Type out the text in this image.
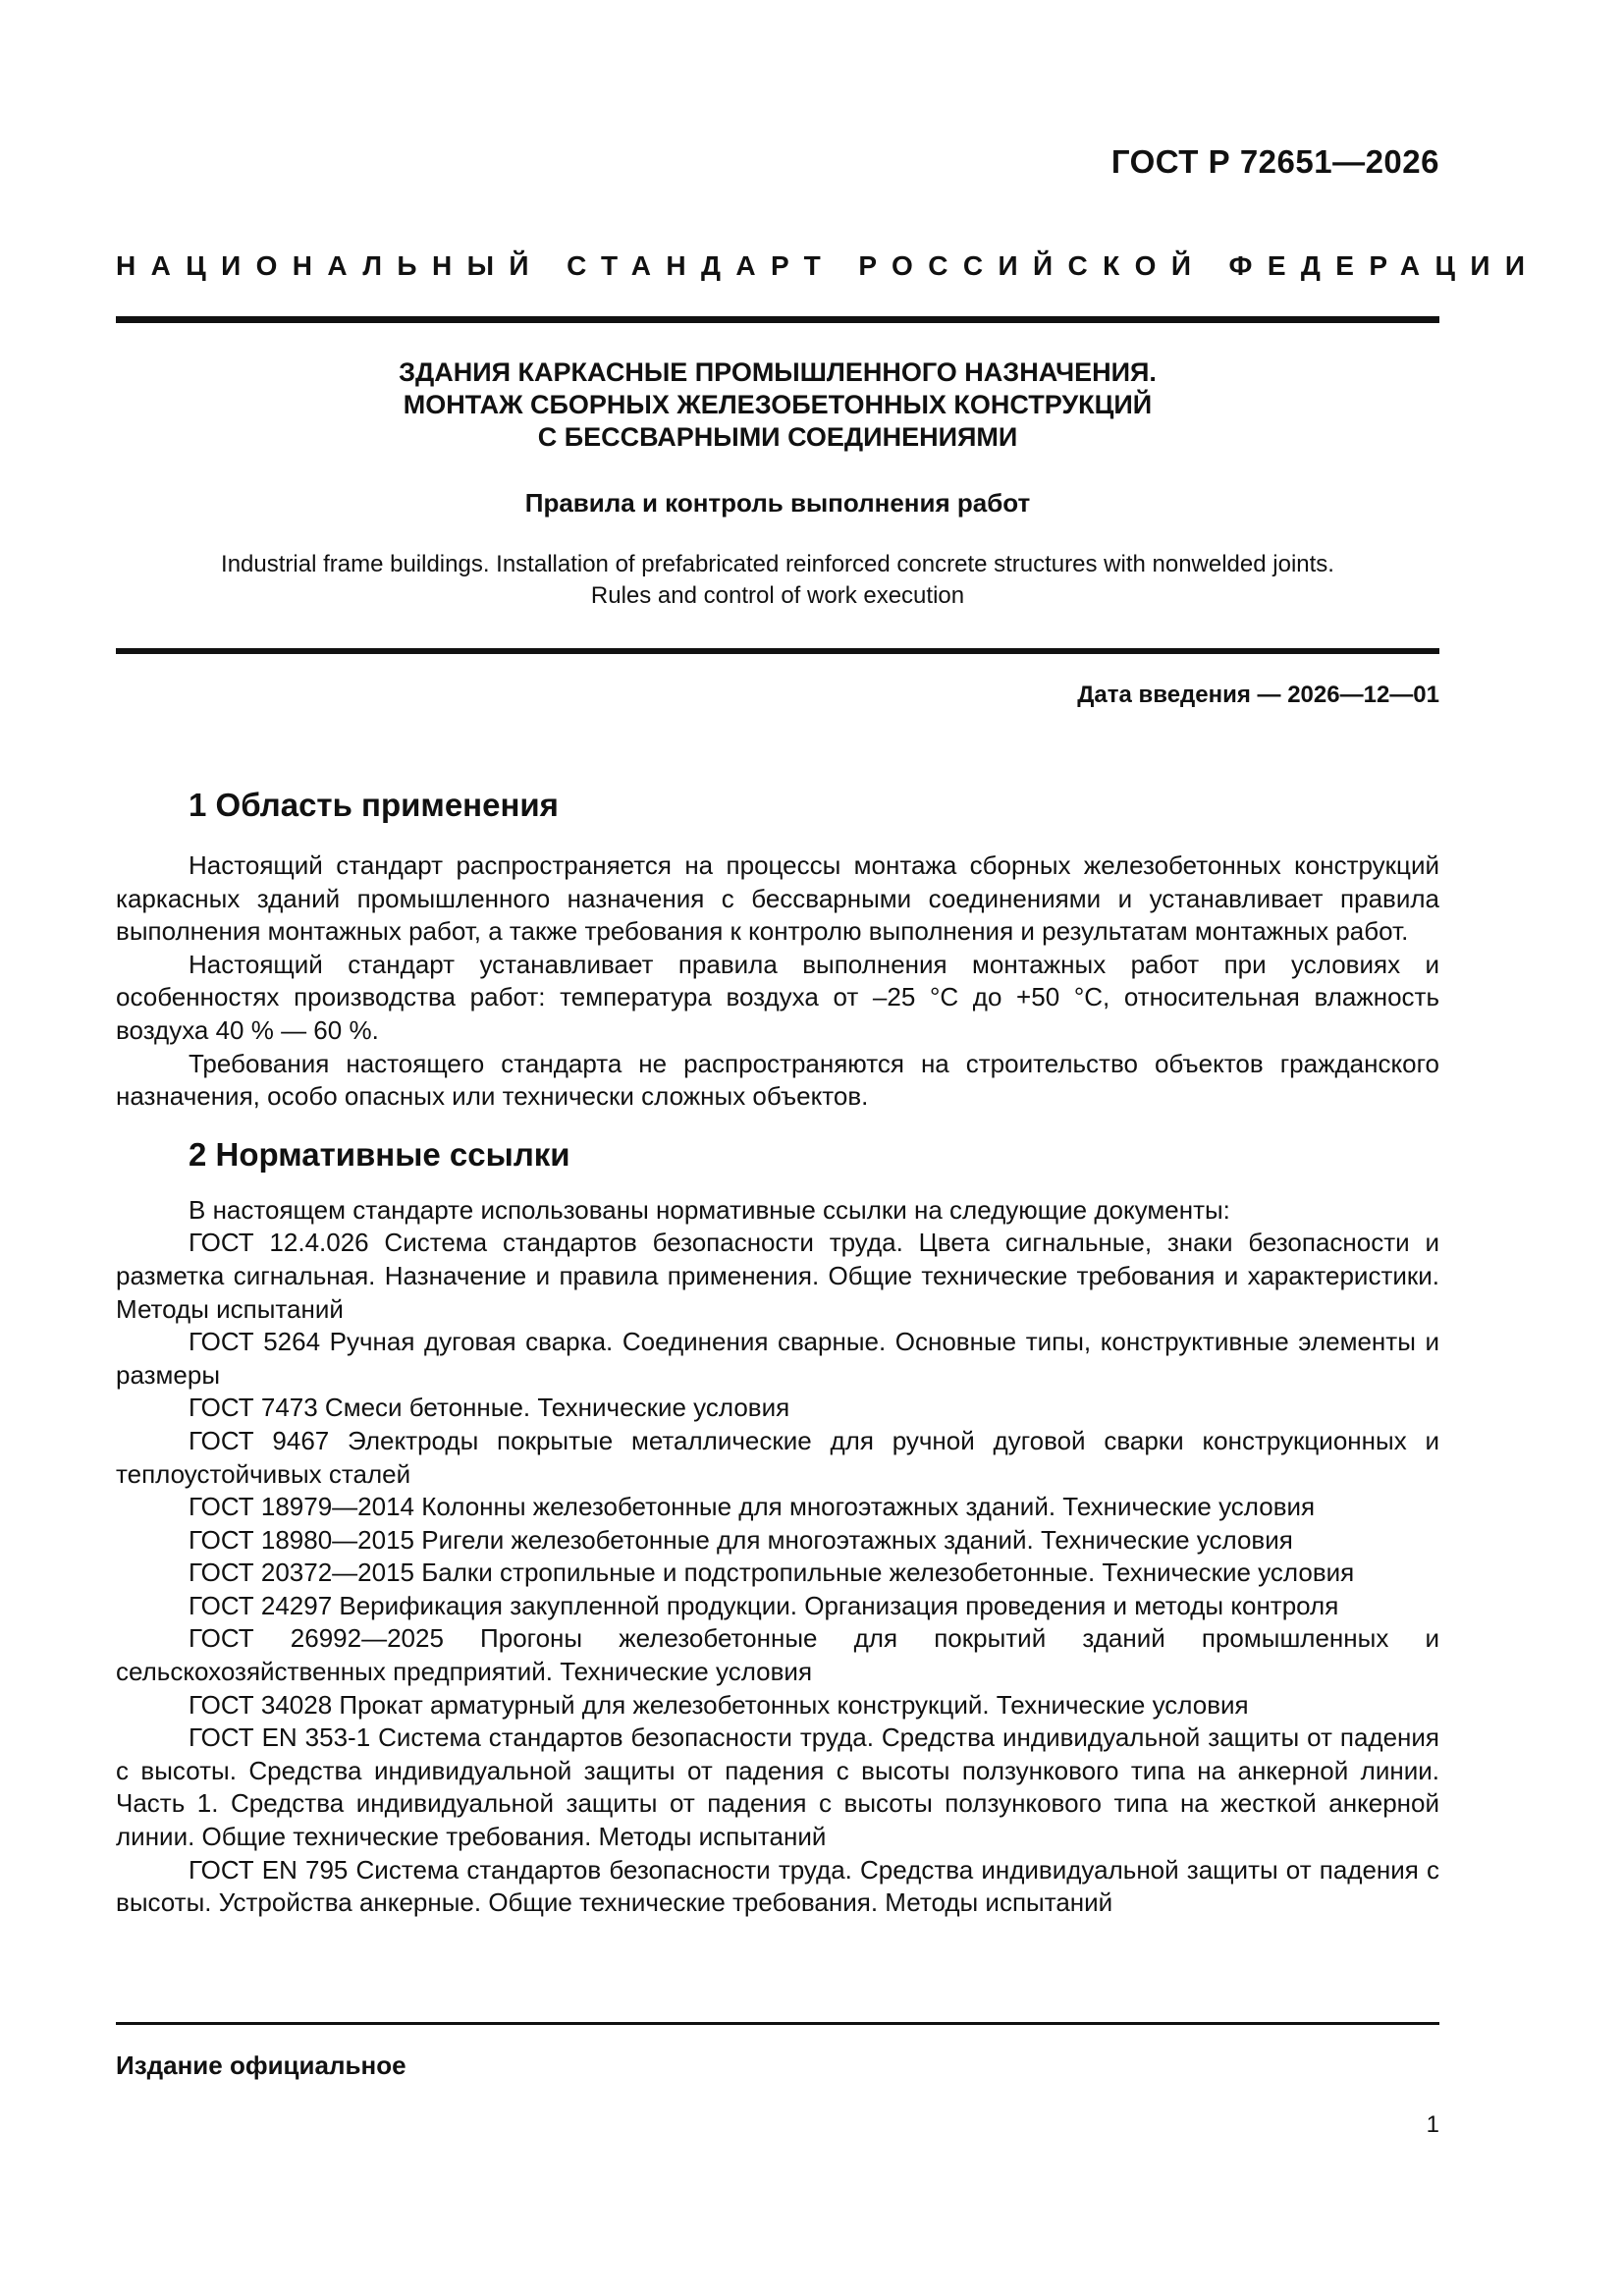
ГОСТ Р 72651—2026
НАЦИОНАЛЬНЫЙ СТАНДАРТ РОССИЙСКОЙ ФЕДЕРАЦИИ
ЗДАНИЯ КАРКАСНЫЕ ПРОМЫШЛЕННОГО НАЗНАЧЕНИЯ.
МОНТАЖ СБОРНЫХ ЖЕЛЕЗОБЕТОННЫХ КОНСТРУКЦИЙ
С БЕССВАРНЫМИ СОЕДИНЕНИЯМИ
Правила и контроль выполнения работ
Industrial frame buildings. Installation of prefabricated reinforced concrete structures with nonwelded joints.
Rules and control of work execution
Дата введения — 2026—12—01
1 Область применения

Настоящий стандарт распространяется на процессы монтажа сборных железобетонных конструкций каркасных зданий промышленного назначения с бессварными соединениями и устанавливает правила выполнения монтажных работ, а также требования к контролю выполнения и результатам монтажных работ.

Настоящий стандарт устанавливает правила выполнения монтажных работ при условиях и особенностях производства работ: температура воздуха от –25 °С до +50 °С, относительная влажность воздуха 40 % — 60 %.

Требования настоящего стандарта не распространяются на строительство объектов гражданского назначения, особо опасных или технически сложных объектов.

2 Нормативные ссылки

В настоящем стандарте использованы нормативные ссылки на следующие документы:

ГОСТ 12.4.026 Система стандартов безопасности труда. Цвета сигнальные, знаки безопасности и разметка сигнальная. Назначение и правила применения. Общие технические требования и характеристики. Методы испытаний

ГОСТ 5264 Ручная дуговая сварка. Соединения сварные. Основные типы, конструктивные элементы и размеры

ГОСТ 7473 Смеси бетонные. Технические условия

ГОСТ 9467 Электроды покрытые металлические для ручной дуговой сварки конструкционных и теплоустойчивых сталей

ГОСТ 18979—2014 Колонны железобетонные для многоэтажных зданий. Технические условия

ГОСТ 18980—2015 Ригели железобетонные для многоэтажных зданий. Технические условия

ГОСТ 20372—2015 Балки стропильные и подстропильные железобетонные. Технические условия

ГОСТ 24297 Верификация закупленной продукции. Организация проведения и методы контроля

ГОСТ 26992—2025 Прогоны железобетонные для покрытий зданий промышленных и сельскохозяйственных предприятий. Технические условия

ГОСТ 34028 Прокат арматурный для железобетонных конструкций. Технические условия

ГОСТ EN 353-1 Система стандартов безопасности труда. Средства индивидуальной защиты от падения с высоты. Средства индивидуальной защиты от падения с высоты ползункового типа на анкерной линии. Часть 1. Средства индивидуальной защиты от падения с высоты ползункового типа на жесткой анкерной линии. Общие технические требования. Методы испытаний

ГОСТ EN 795 Система стандартов безопасности труда. Средства индивидуальной защиты от падения с высоты. Устройства анкерные. Общие технические требования. Методы испытаний

Издание официальное
1
